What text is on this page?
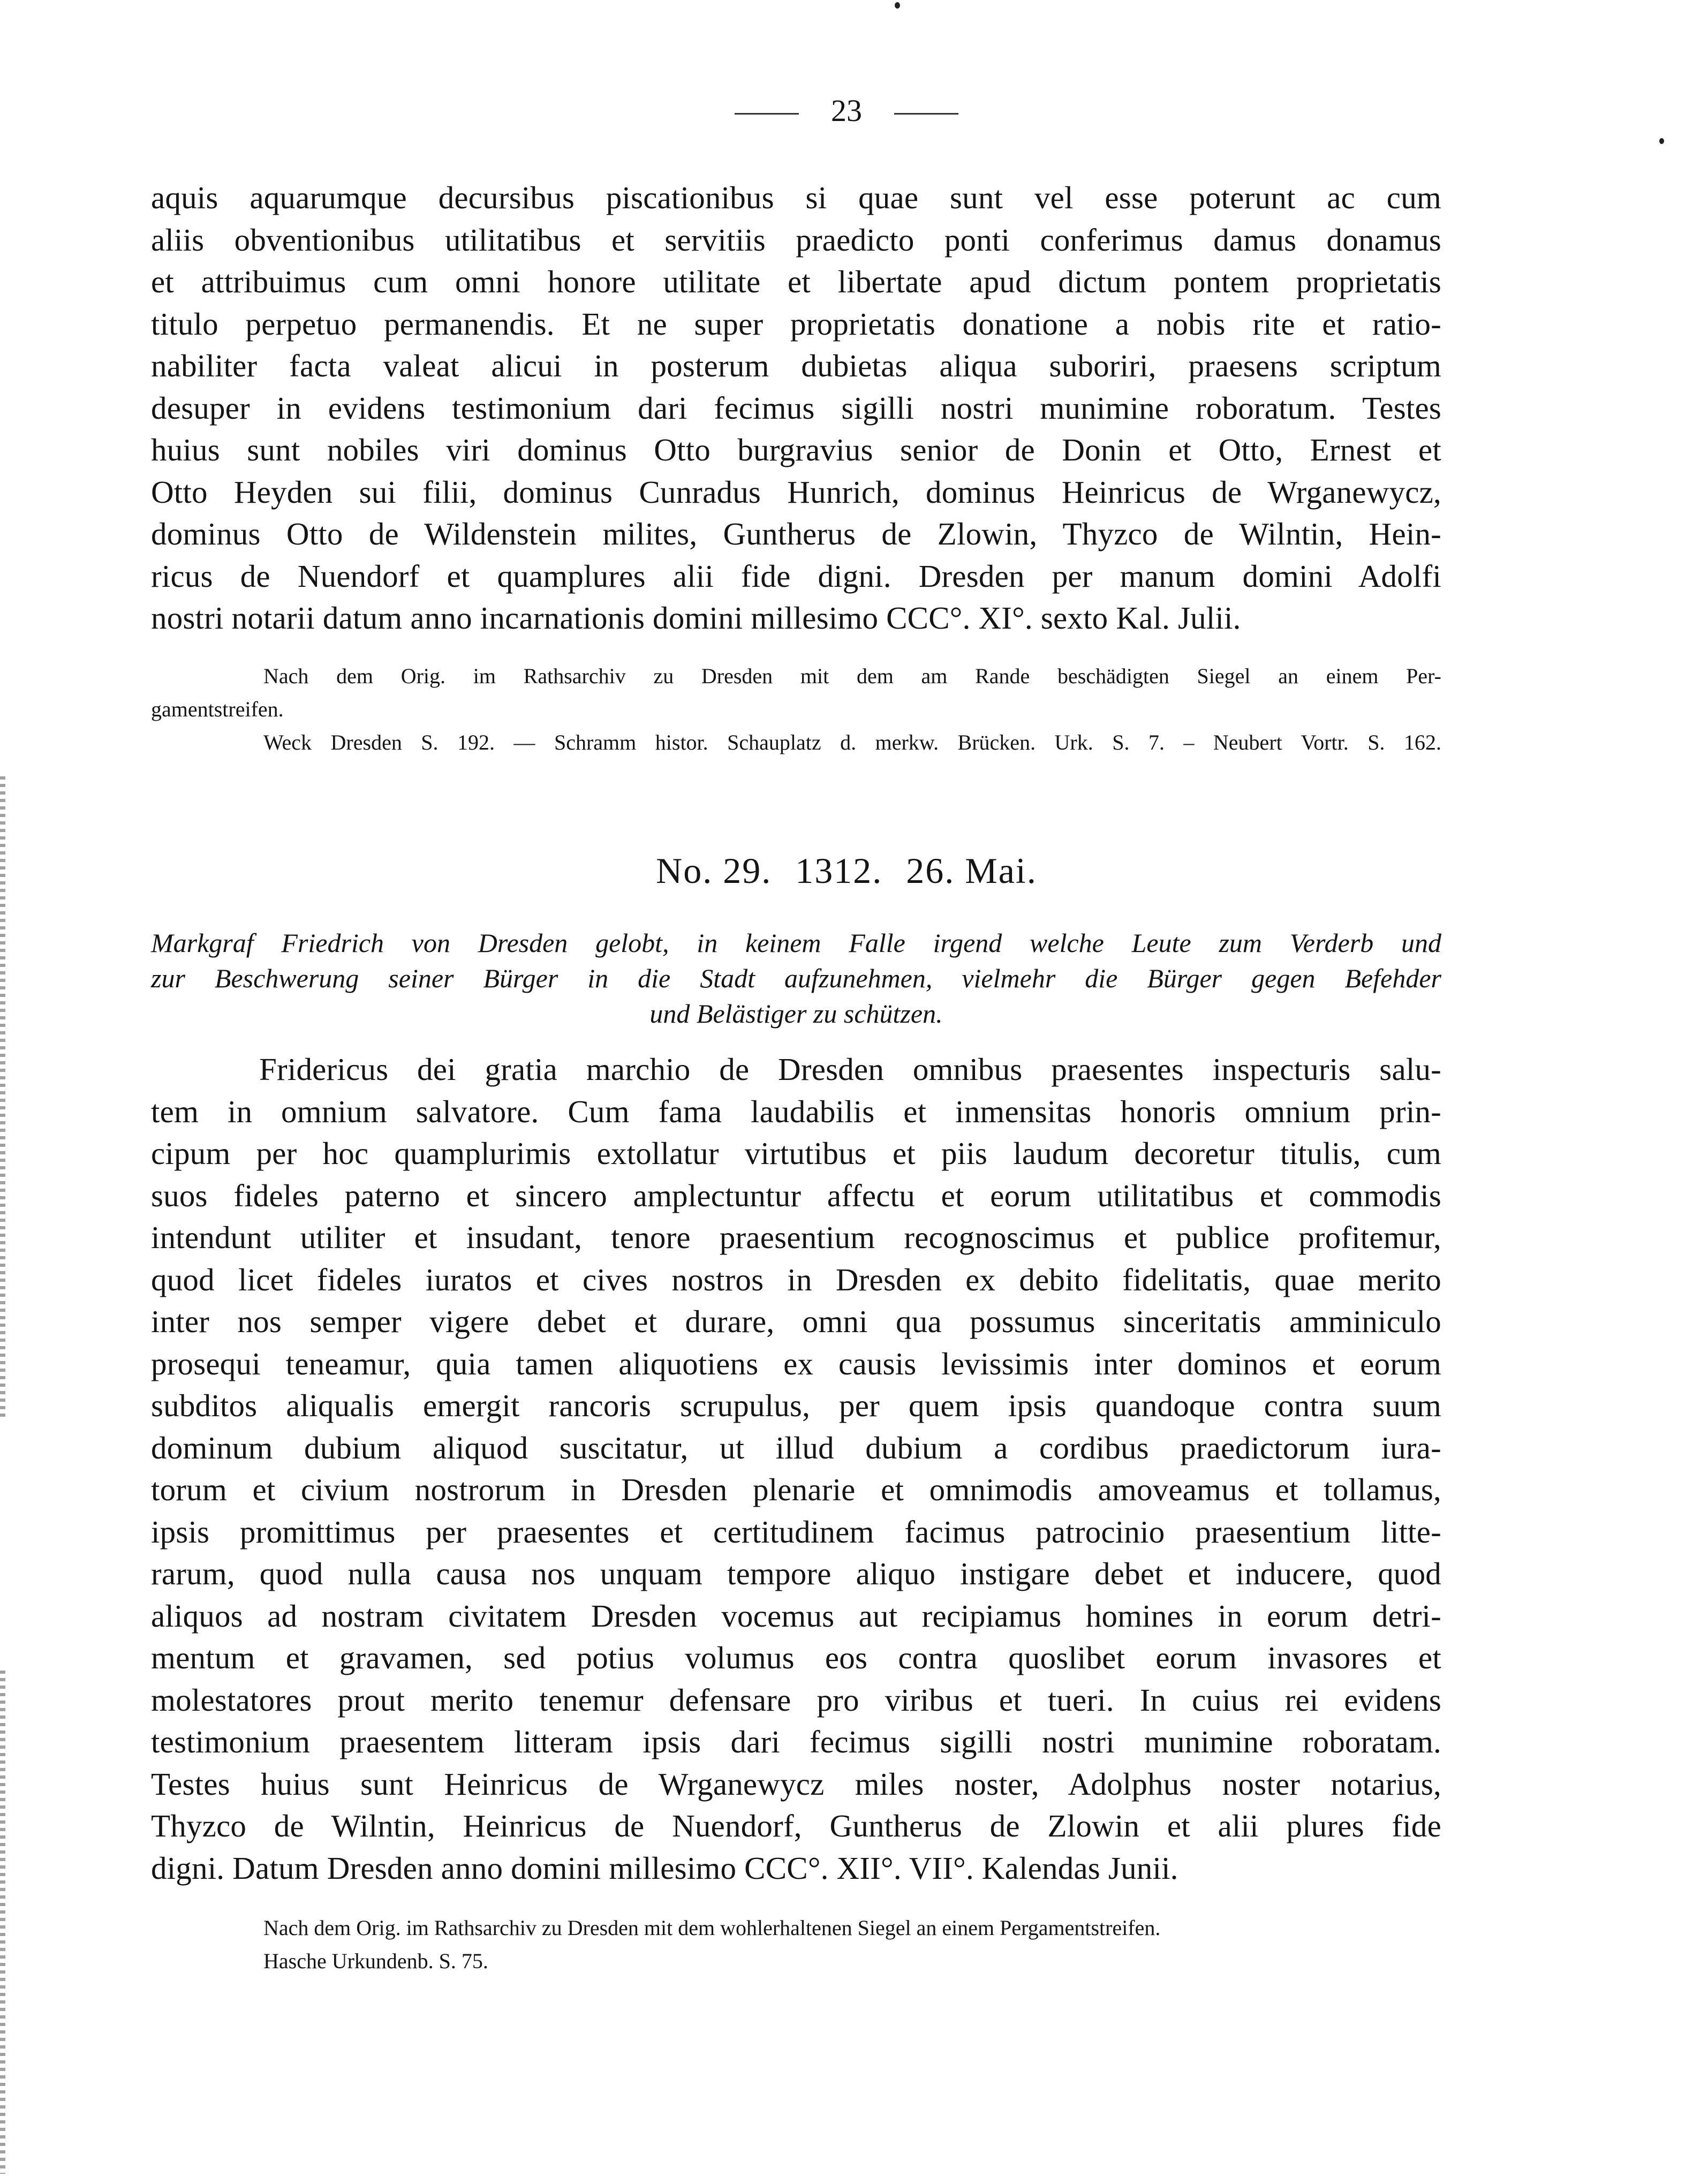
23
aquis aquarumque decursibus piscationibus si quae sunt vel esse poterunt ac cum
aliis obventionibus utilitatibus et servitiis praedicto ponti conferimus damus donamus
et attribuimus cum omni honore utilitate et libertate apud dictum pontem proprietatis
titulo perpetuo permanendis. Et ne super proprietatis donatione a nobis rite et ratio-
nabiliter facta valeat alicui in posterum dubietas aliqua suboriri, praesens scriptum
desuper in evidens testimonium dari fecimus sigilli nostri munimine roboratum. Testes
huius sunt nobiles viri dominus Otto burgravius senior de Donin et Otto, Ernest et
Otto Heyden sui filii, dominus Cunradus Hunrich, dominus Heinricus de Wrganewycz,
dominus Otto de Wildenstein milites, Guntherus de Zlowin, Thyzco de Wilntin, Hein-
ricus de Nuendorf et quamplures alii fide digni. Dresden per manum domini Adolfi
nostri notarii datum anno incarnationis domini millesimo CCC°. XI°. sexto Kal. Julii.
Nach dem Orig. im Rathsarchiv zu Dresden mit dem am Rande beschädigten Siegel an einem Per-
gamentstreifen.
Weck Dresden S. 192. — Schramm histor. Schauplatz d. merkw. Brücken. Urk. S. 7. – Neubert Vortr. S. 162.
No. 29. 1312. 26. Mai.
Markgraf Friedrich von Dresden gelobt, in keinem Falle irgend welche Leute zum Verderb und
zur Beschwerung seiner Bürger in die Stadt aufzunehmen, vielmehr die Bürger gegen Befehder
und Belästiger zu schützen.
Fridericus dei gratia marchio de Dresden omnibus praesentes inspecturis salu-
tem in omnium salvatore. Cum fama laudabilis et inmensitas honoris omnium prin-
cipum per hoc quamplurimis extollatur virtutibus et piis laudum decoretur titulis, cum
suos fideles paterno et sincero amplectuntur affectu et eorum utilitatibus et commodis
intendunt utiliter et insudant, tenore praesentium recognoscimus et publice profitemur,
quod licet fideles iuratos et cives nostros in Dresden ex debito fidelitatis, quae merito
inter nos semper vigere debet et durare, omni qua possumus sinceritatis amminiculo
prosequi teneamur, quia tamen aliquotiens ex causis levissimis inter dominos et eorum
subditos aliqualis emergit rancoris scrupulus, per quem ipsis quandoque contra suum
dominum dubium aliquod suscitatur, ut illud dubium a cordibus praedictorum iura-
torum et civium nostrorum in Dresden plenarie et omnimodis amoveamus et tollamus,
ipsis promittimus per praesentes et certitudinem facimus patrocinio praesentium litte-
rarum, quod nulla causa nos unquam tempore aliquo instigare debet et inducere, quod
aliquos ad nostram civitatem Dresden vocemus aut recipiamus homines in eorum detri-
mentum et gravamen, sed potius volumus eos contra quoslibet eorum invasores et
molestatores prout merito tenemur defensare pro viribus et tueri. In cuius rei evidens
testimonium praesentem litteram ipsis dari fecimus sigilli nostri munimine roboratam.
Testes huius sunt Heinricus de Wrganewycz miles noster, Adolphus noster notarius,
Thyzco de Wilntin, Heinricus de Nuendorf, Guntherus de Zlowin et alii plures fide
digni. Datum Dresden anno domini millesimo CCC°. XII°. VII°. Kalendas Junii.
Nach dem Orig. im Rathsarchiv zu Dresden mit dem wohlerhaltenen Siegel an einem Pergamentstreifen.
Hasche Urkundenb. S. 75.
